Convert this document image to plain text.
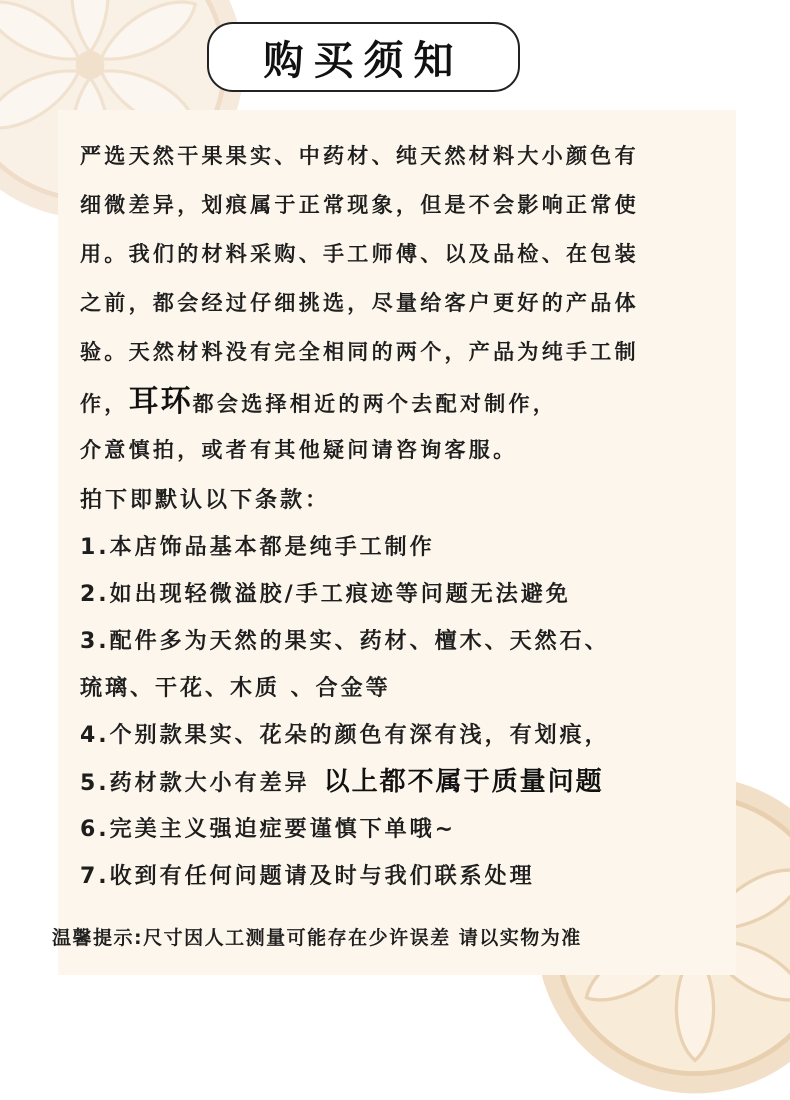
购买须知
严选天然干果果实、中药材、纯天然材料大小颜色有
细微差异，划痕属于正常现象，但是不会影响正常使
用。我们的材料采购、手工师傅、以及品检、在包装
之前，都会经过仔细挑选，尽量给客户更好的产品体
验。天然材料没有完全相同的两个，产品为纯手工制
作，耳环都会选择相近的两个去配对制作，
介意慎拍，或者有其他疑问请咨询客服。
拍下即默认以下条款：
1.本店饰品基本都是纯手工制作
2.如出现轻微溢胶/手工痕迹等问题无法避免
3.配件多为天然的果实、药材、檀木、天然石、
琉璃、干花、木质 、合金等
4.个别款果实、花朵的颜色有深有浅，有划痕，
5.药材款大小有差异 以上都不属于质量问题
6.完美主义强迫症要谨慎下单哦~
7.收到有任何问题请及时与我们联系处理
温馨提示:尺寸因人工测量可能存在少许误差 请以实物为准
